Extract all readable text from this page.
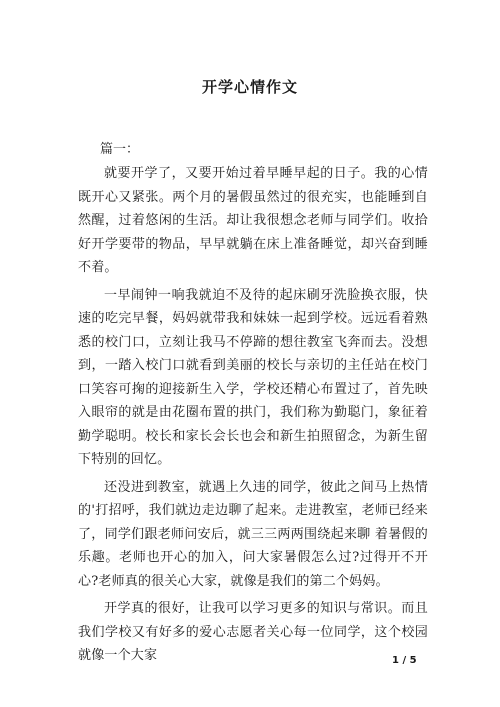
开学心情作文

篇一：

就要开学了，又要开始过着早睡早起的日子。我的心情既开心又紧张。两个月的暑假虽然过的很充实，也能睡到自然醒，过着悠闲的生活。却让我很想念老师与同学们。收拾好开学要带的物品，早早就躺在床上准备睡觉，却兴奋到睡不着。

一早闹钟一响我就迫不及待的起床刷牙洗脸换衣服，快速的吃完早餐，妈妈就带我和妹妹一起到学校。远远看着熟悉的校门口，立刻让我马不停蹄的想往教室飞奔而去。没想到，一踏入校门口就看到美丽的校长与亲切的主任站在校门口笑容可掬的迎接新生入学，学校还精心布置过了，首先映入眼帘的就是由花圈布置的拱门，我们称为勤聪门，象征着勤学聪明。校长和家长会长也会和新生拍照留念，为新生留下特别的回忆。

还没进到教室，就遇上久违的同学，彼此之间马上热情的'打招呼，我们就边走边聊了起来。走进教室，老师已经来了，同学们跟老师问安后，就三三两两围绕起来聊 着暑假的乐趣。老师也开心的加入，问大家暑假怎么过?过得开不开心?老师真的很关心大家，就像是我们的第二个妈妈。

开学真的很好，让我可以学习更多的知识与常识。而且我们学校又有好多的爱心志愿者关心每一位同学，这个校园就像一个大家	1 / 5
